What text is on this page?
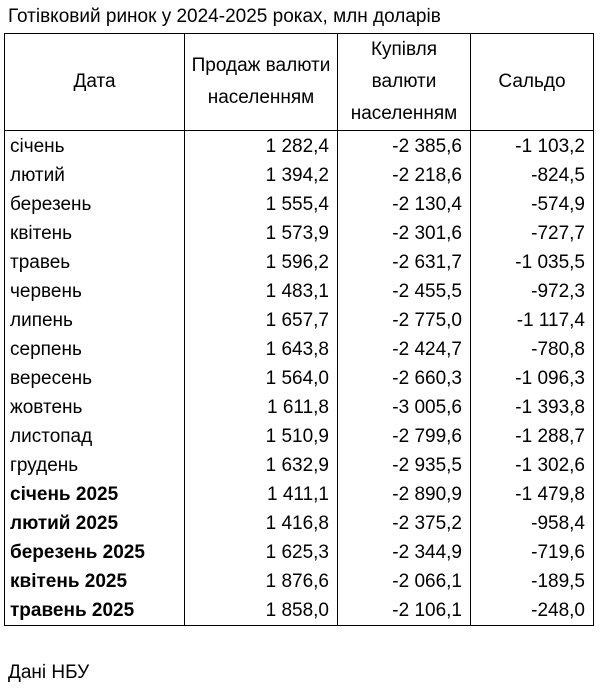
Готівковий ринок у 2024-2025 роках, млн доларів
Дата	Продаж валюти населенням	Купівля валюти населенням	Сальдо
січень	1 282,4	-2 385,6	-1 103,2
лютий	1 394,2	-2 218,6	-824,5
березень	1 555,4	-2 130,4	-574,9
квітень	1 573,9	-2 301,6	-727,7
травеь	1 596,2	-2 631,7	-1 035,5
червень	1 483,1	-2 455,5	-972,3
липень	1 657,7	-2 775,0	-1 117,4
серпень	1 643,8	-2 424,7	-780,8
вересень	1 564,0	-2 660,3	-1 096,3
жовтень	1 611,8	-3 005,6	-1 393,8
листопад	1 510,9	-2 799,6	-1 288,7
грудень	1 632,9	-2 935,5	-1 302,6
січень 2025	1 411,1	-2 890,9	-1 479,8
лютий 2025	1 416,8	-2 375,2	-958,4
березень 2025	1 625,3	-2 344,9	-719,6
квітень 2025	1 876,6	-2 066,1	-189,5
травень 2025	1 858,0	-2 106,1	-248,0
Дані НБУ
